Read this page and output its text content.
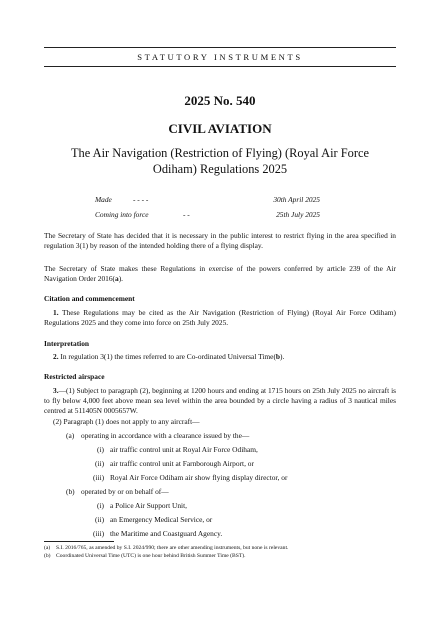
STATUTORY INSTRUMENTS
2025 No. 540
CIVIL AVIATION
The Air Navigation (Restriction of Flying) (Royal Air Force Odiham) Regulations 2025
Made	- - - -	30th April 2025
Coming into force	- -	25th July 2025
The Secretary of State has decided that it is necessary in the public interest to restrict flying in the area specified in regulation 3(1) by reason of the intended holding there of a flying display.
The Secretary of State makes these Regulations in exercise of the powers conferred by article 239 of the Air Navigation Order 2016(a).
Citation and commencement
1. These Regulations may be cited as the Air Navigation (Restriction of Flying) (Royal Air Force Odiham) Regulations 2025 and they come into force on 25th July 2025.
Interpretation
2. In regulation 3(1) the times referred to are Co-ordinated Universal Time(b).
Restricted airspace
3.—(1) Subject to paragraph (2), beginning at 1200 hours and ending at 1715 hours on 25th July 2025 no aircraft is to fly below 4,000 feet above mean sea level within the area bounded by a circle having a radius of 3 nautical miles centred at 511405N 0005657W.
(2) Paragraph (1) does not apply to any aircraft—
(a) operating in accordance with a clearance issued by the—
(i) air traffic control unit at Royal Air Force Odiham,
(ii) air traffic control unit at Farnborough Airport, or
(iii) Royal Air Force Odiham air show flying display director, or
(b) operated by or on behalf of—
(i) a Police Air Support Unit,
(ii) an Emergency Medical Service, or
(iii) the Maritime and Coastguard Agency.
(a) S.I. 2016/765, as amended by S.I. 2024/990; there are other amending instruments, but none is relevant.
(b) Coordinated Universal Time (UTC) is one hour behind British Summer Time (BST).
